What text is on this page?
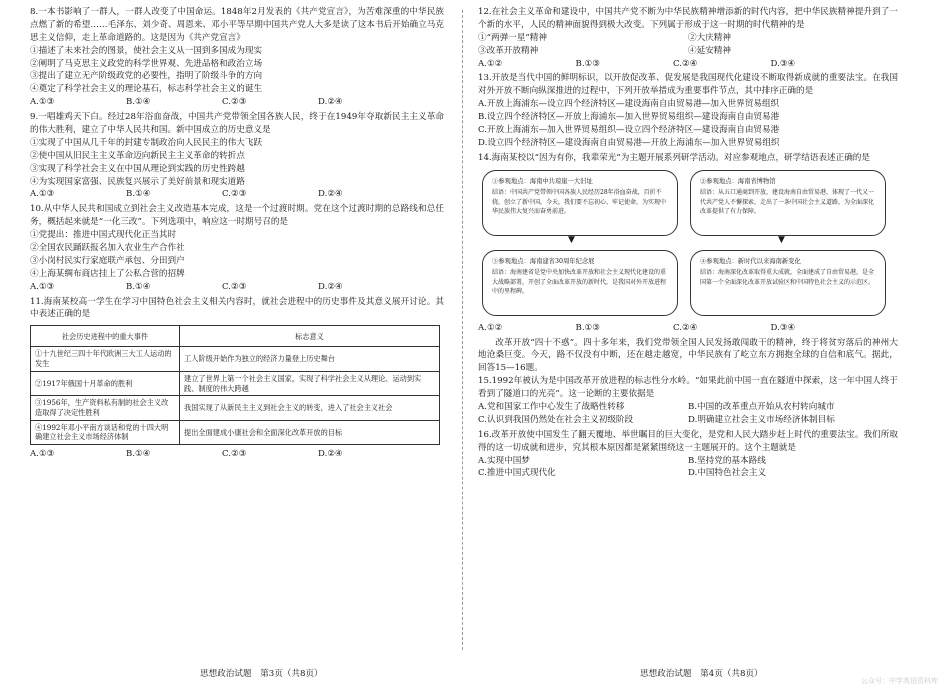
8.一本书影响了一群人，一群人改变了中国命运。1848年2月发表的《共产党宣言》，为苦难深重的中华民族点燃了新的希望……毛泽东、刘少奇、周恩来、邓小平等早期中国共产党人大多是读了这本书后开始确立马克思主义信仰，走上革命道路的。这是因为《共产党宣言》

①描述了未来社会的图景，使社会主义从一国到多国成为现实

②阐明了马克思主义政党的科学世界观、先进品格和政治立场

③提出了建立无产阶级政党的必要性，指明了阶级斗争的方向

④奠定了科学社会主义的理论基石，标志科学社会主义的诞生

A.①③	B.①④	C.②③	D.②④

9.一唱雄鸡天下白。经过28年浴血奋战，中国共产党带领全国各族人民，终于在1949年夺取新民主主义革命的伟大胜利，建立了中华人民共和国。新中国成立的历史意义是

①实现了中国从几千年的封建专制政治向人民民主的伟大飞跃

②使中国从旧民主主义革命迈向新民主主义革命的转折点

③实现了科学社会主义在中国从理论到实践的历史性跨越

④为实现国家富强、民族复兴展示了美好前景和现实道路

A.①③	B.①④	C.②③	D.②④

10.从中华人民共和国成立到社会主义改造基本完成，这是一个过渡时期。党在这个过渡时期的总路线和总任务，概括起来就是“一化三改”。下列选项中，响应这一时期号召的是

①党提出：推进中国式现代化正当其时

②全国农民踊跃报名加入农业生产合作社

③小岗村民实行家庭联产承包、分田到户

④上海某绸布商店挂上了公私合营的招牌

A.①③	B.①④	C.②③	D.②④

11.海南某校高一学生在学习中国特色社会主义相关内容时，就社会进程中的历史事件及其意义展开讨论。其中表述正确的是

社会历史进程中的重大事件	标志意义
①十九世纪三四十年代欧洲三大工人运动的发生	工人阶级开始作为独立的经济力量登上历史舞台
②1917年俄国十月革命的胜利	建立了世界上第一个社会主义国家，实现了科学社会主义从理论、运动到实践、制度的伟大跨越
③1956年，生产资料私有制的社会主义改造取得了决定性胜利	我国实现了从新民主主义到社会主义的转变，进入了社会主义社会
④1992年邓小平南方谈话和党的十四大明确建立社会主义市场经济体制	提出全面建成小康社会和全面深化改革开放的目标
A.①③	B.①④	C.②③	D.②④

12.在社会主义革命和建设中，中国共产党不断为中华民族精神增添新的时代内容，把中华民族精神提升到了一个新的水平，人民的精神面貌得到极大改变。下列属于形成于这一时期的时代精神的是

①“两弹一星”精神	②大庆精神
③改革开放精神	④延安精神
A.①②	B.①③	C.②④	D.③④

13.开放是当代中国的鲜明标识，以开放促改革、促发展是我国现代化建设不断取得新成就的重要法宝。在我国对外开放不断向纵深推进的过程中，下列开放举措成为重要事件节点，其中排序正确的是

A.开放上海浦东—设立四个经济特区—建设海南自由贸易港—加入世界贸易组织

B.设立四个经济特区—开放上海浦东—加入世界贸易组织—建设海南自由贸易港

C.开放上海浦东—加入世界贸易组织—设立四个经济特区—建设海南自由贸易港

D.设立四个经济特区—建设海南自由贸易港—开放上海浦东—加入世界贸易组织

14.海南某校以“因为有你，我辈荣光”为主题开展系列研学活动。对应参观地点，研学结语表述正确的是

①参观地点：海南中共琼崖一大旧址
结语：中国共产党带领中国各族人民经历28年浴血奋战，百折不挠，创立了新中国。今天，我们要不忘初心、牢记使命，为实现中华民族伟大复兴而奋勇前进。
②参观地点：海南省博物馆
结语：从五口通商到开放，建设海南自由贸易港，体现了一代又一代共产党人不懈探索，走出了一条中国社会主义道路，为全面深化改革提供了有力保障。
③参观地点：海南建省30周年纪念展
结语：海南建省是党中央加快改革开放和社会主义现代化建设的重大战略部署，开创了全面改革开放的新时代，是我国对外开放进程中的里程碑。
④参观地点：新时代以来海南新变化
结语：海南深化改革取得重大成就，全面建成了自由贸易港，是全国第一个全面深化改革开放试验区和中国特色社会主义的示范区。
▼	▼
A.①②	B.①③	C.②④	D.③④

改革开放“四十不惑”。四十多年来，我们党带领全国人民发扬敢闯敢干的精神，终于将贫穷落后的神州大地沧桑巨变。今天，路不仅没有中断，还在越走越宽，中华民族有了屹立东方拥抱全球的自信和底气。据此，回答15—16题。

15.1992年被认为是中国改革开放进程的标志性分水岭。“如果此前中国一直在隧道中探索，这一年中国人终于看到了隧道口的光亮”。这一论断的主要依据是

A.党和国家工作中心发生了战略性转移	B.中国的改革重点开始从农村转向城市
C.认识到我国仍然处在社会主义初级阶段	D.明确建立社会主义市场经济体制目标

16.改革开放使中国发生了翻天覆地、举世瞩目的巨大变化，是党和人民大踏步赶上时代的重要法宝。我们所取得的这一切成就和进步，究其根本原因都是紧紧围绕这一主题展开的。这个主题就是

A.实现中国梦	B.坚持党的基本路线
C.推进中国式现代化	D.中国特色社会主义
思想政治试题　第3页（共8页）	思想政治试题　第4页（共8页）
公众号：中学英语资料库
